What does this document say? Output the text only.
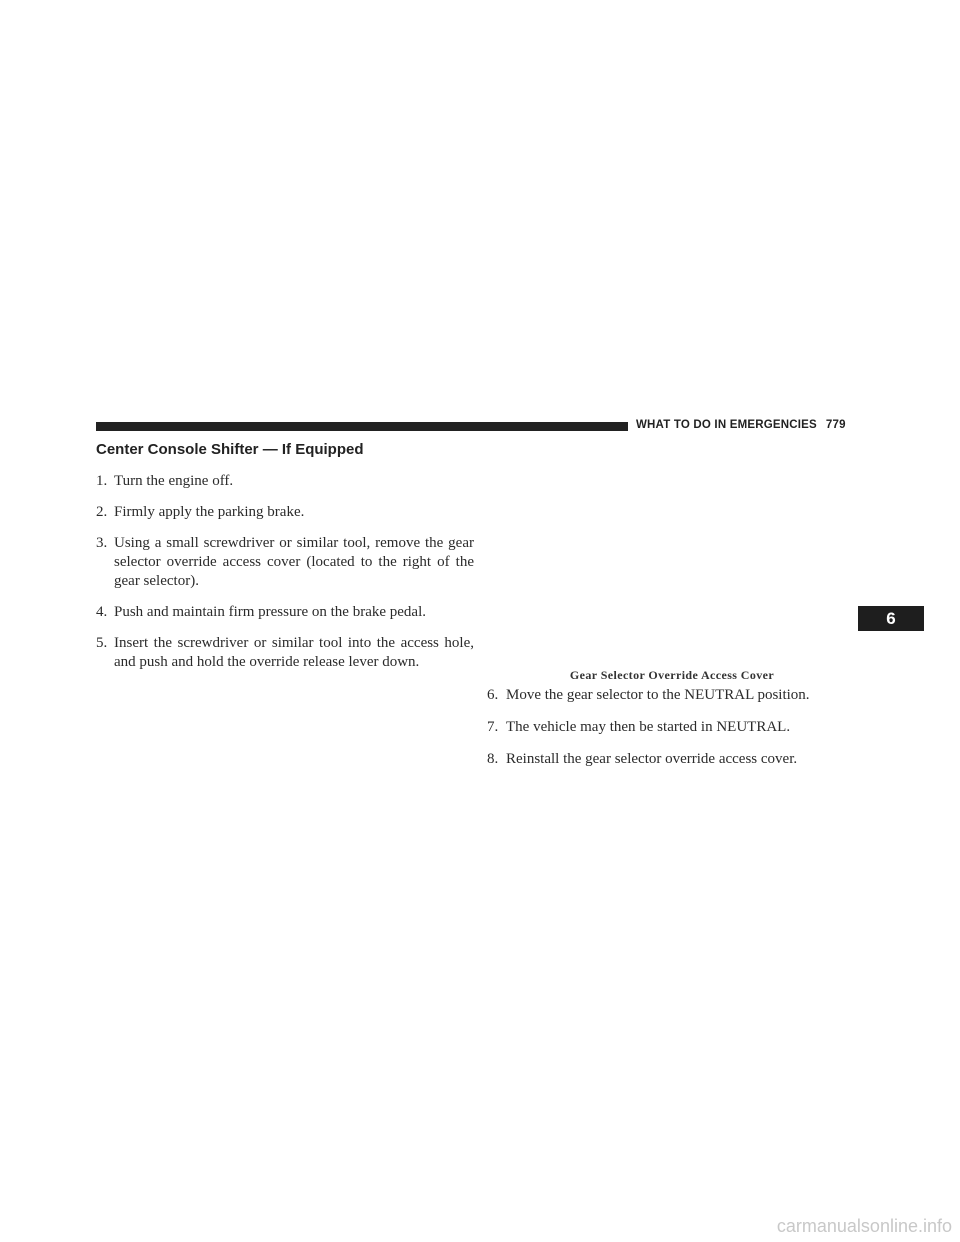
WHAT TO DO IN EMERGENCIES 779
Center Console Shifter — If Equipped
1. Turn the engine off.
2. Firmly apply the parking brake.
3. Using a small screwdriver or similar tool, remove the gear selector override access cover (located to the right of the gear selector).
4. Push and maintain firm pressure on the brake pedal.
5. Insert the screwdriver or similar tool into the access hole, and push and hold the override release lever down.
Gear Selector Override Access Cover
6. Move the gear selector to the NEUTRAL position.
7. The vehicle may then be started in NEUTRAL.
8. Reinstall the gear selector override access cover.
6
carmanualsonline.info
